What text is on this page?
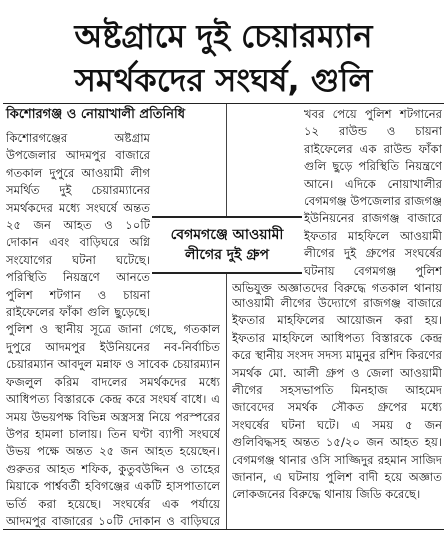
অষ্টগ্রামে দুই চেয়ারম্যান
সমর্থকদের সংঘর্ষ, গুলি
কিশোরগঞ্জ ও নোয়াখালী প্রতিনিধি
কিশোরগঞ্জের অষ্টগ্রাম উপজেলার আদমপুর বাজারে গতকাল দুপুরে আওয়ামী লীগ সমর্থিত দুই চেয়ারম্যানের সমর্থকদের মধ্যে সংঘর্ষে অন্তত ২৫ জন আহত ও ১০টি দোকান এবং বাড়িঘরে অগ্নি সংযোগের ঘটনা ঘটেছে। পরিস্থিতি নিয়ন্ত্রণে আনতে পুলিশ শটগান ও চায়না রাইফেলের ফাঁকা গুলি ছুড়েছে। পুলিশ ও স্থানীয় সূত্রে জানা গেছে, গতকাল দুপুরে আদমপুর ইউনিয়নের নব-নির্বাচিত চেয়ারম্যান আবদুল মন্নাফ ও সাবেক চেয়ারম্যান ফজলুল করিম বাদলের সমর্থকদের মধ্যে আধিপত্য বিস্তারকে কেন্দ্র করে সংঘর্ষ বাধে। এ সময় উভয়পক্ষ বিভিন্ন অস্ত্রসস্ত্র নিয়ে পরস্পরের উপর হামলা চালায়। তিন ঘণ্টা ব্যাপী সংঘর্ষে উভয় পক্ষে অন্তত ২৫ জন আহত হয়েছেন। গুরুতর আহত শফিক, কুতুবউদ্দিন ও তাহের মিয়াকে পার্শ্ববর্তী হবিগঞ্জের একটি হাসপাতালে ভর্তি করা হয়েছে। সংঘর্ষের এক পর্যায়ে আদমপুর বাজারের ১০টি দোকান ও বাড়িঘরে
খবর পেয়ে পুলিশ শটগানের ১২ রাউন্ড ও চায়না রাইফেলের এক রাউন্ড ফাঁকা গুলি ছুড়ে পরিস্থিতি নিয়ন্ত্রণে আনে। এদিকে নোয়াখালীর বেগমগঞ্জ উপজেলার রাজগঞ্জ ইউনিয়নের রাজগঞ্জ বাজারে ইফতার মাহফিলে আওয়ামী লীগের দুই গ্রুপের সংঘর্ষের ঘটনায় বেগমগঞ্জ পুলিশ অভিযুক্ত অজ্ঞাতদের বিরুদ্ধে গতকাল থানায়
আওয়ামী লীগের উদ্যোগে রাজগঞ্জ বাজারে ইফতার মাহফিলের আয়োজন করা হয়। ইফতার মাহফিলে আধিপত্য বিস্তারকে কেন্দ্র করে স্থানীয় সংসদ সদস্য মামুনুর রশিদ কিরণের সমর্থক মো. আলী গ্রুপ ও জেলা আওয়ামী লীগের সহসভাপতি মিনহাজ আহমেদ জাবেদের সমর্থক সৌকত গ্রুপের মধ্যে সংঘর্ষের ঘটনা ঘটে। এ সময় ৫ জন গুলিবিদ্ধসহ অন্তত ১৫/২০ জন আহত হয়। বেগমগঞ্জ থানার ওসি সাজ্জিদুর রহমান সাজিদ জানান, এ ঘটনায় পুলিশ বাদী হয়ে অজ্ঞাত লোকজনের বিরুদ্ধে থানায় জিডি করেছে।
বেগমগঞ্জে আওয়ামী লীগের দুই গ্রুপ
